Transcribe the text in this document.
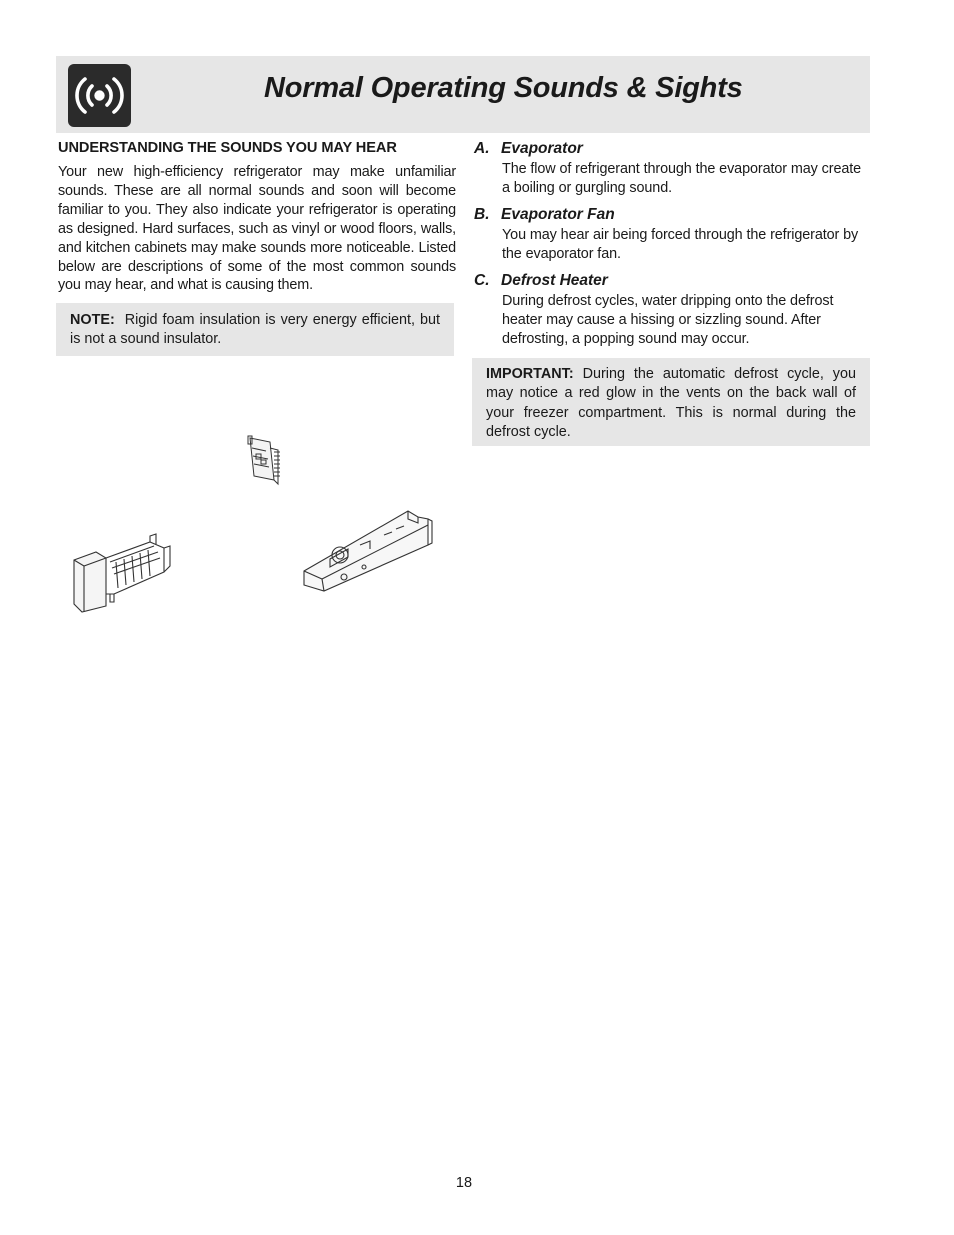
Normal Operating Sounds & Sights
UNDERSTANDING THE SOUNDS YOU MAY HEAR

Your new high-efficiency refrigerator may make unfamiliar sounds. These are all normal sounds and soon will become familiar to you. They also indicate your refrigerator is operating as designed. Hard surfaces, such as vinyl or wood floors, walls, and kitchen cabinets may make sounds more noticeable. Listed below are descriptions of some of the most common sounds you may hear, and what is causing them.

NOTE: Rigid foam insulation is very energy efficient, but is not a sound insulator.
A. Evaporator

The flow of refrigerant through the evaporator may create a boiling or gurgling sound.

B. Evaporator Fan

You may hear air being forced through the refrigerator by the evaporator fan.

C. Defrost Heater

During defrost cycles, water dripping onto the defrost heater may cause a hissing or sizzling sound. After defrosting, a popping sound may occur.

IMPORTANT: During the automatic defrost cycle, you may notice a red glow in the vents on the back wall of your freezer compartment. This is normal during the defrost cycle.
18
